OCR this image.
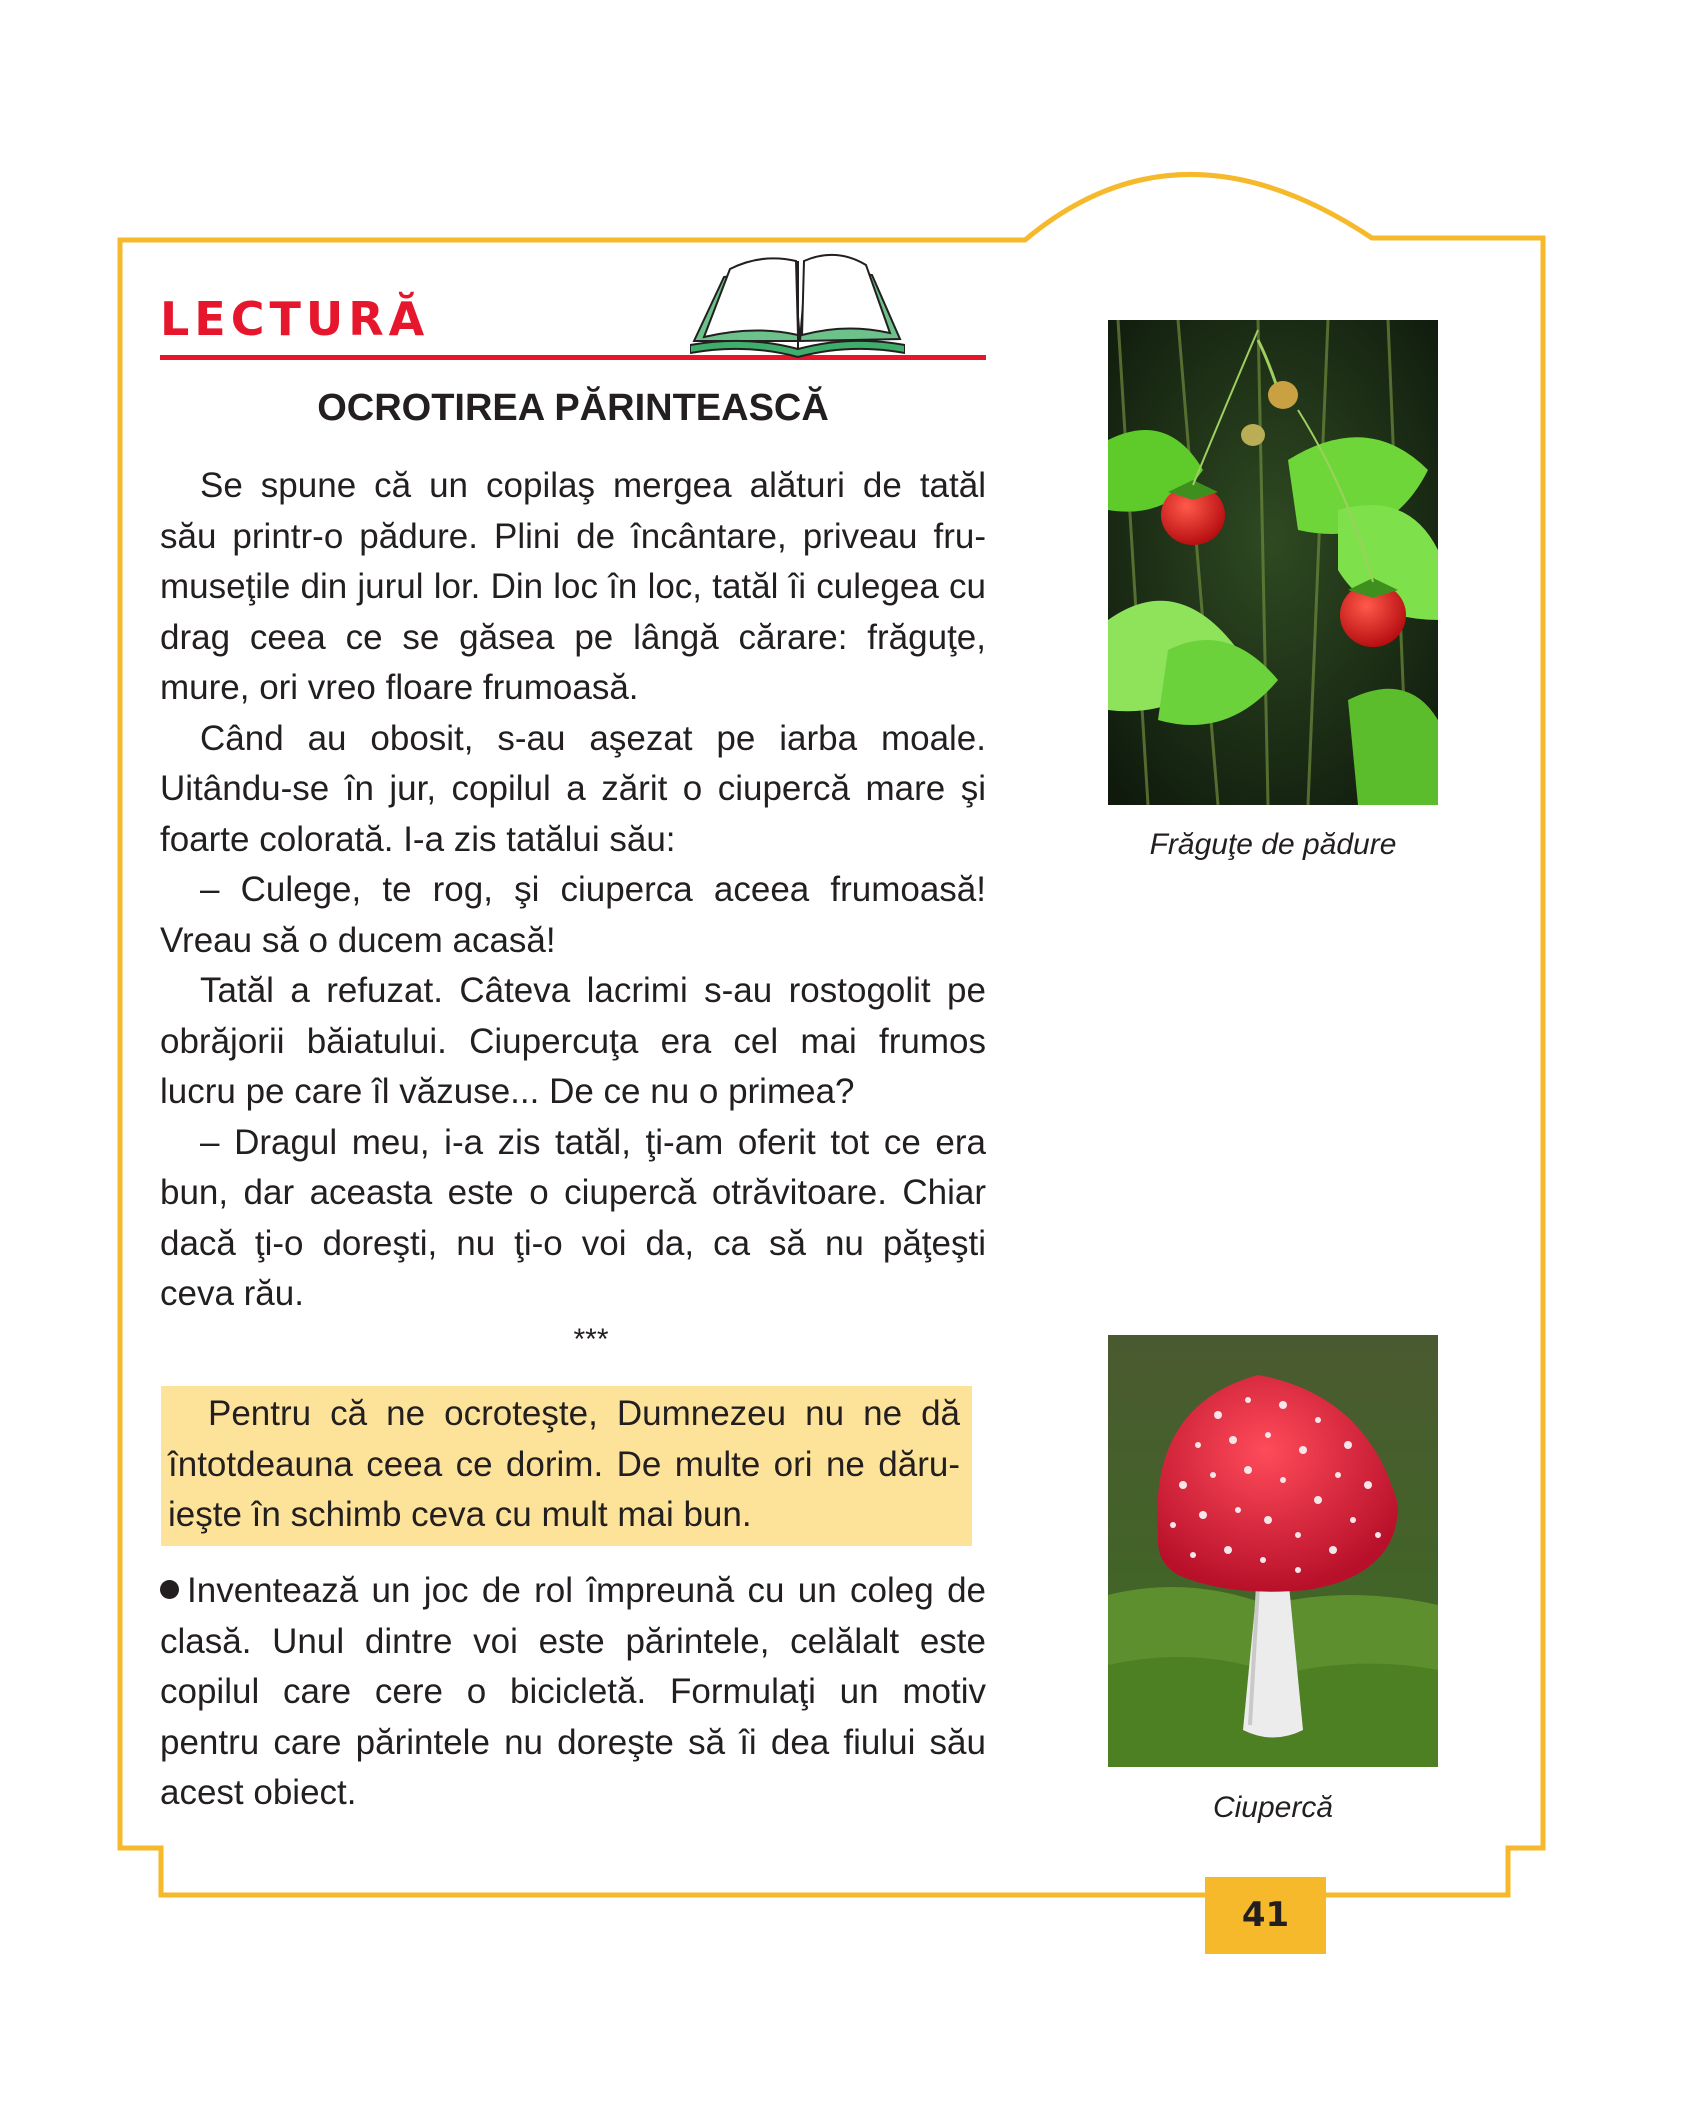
LECTURĂ
OCROTIREA PĂRINTEASCĂ

Se spune că un copilaş mergea alături de tatăl său printr-o pădure. Plini de încântare, priveau fru- museţile din jurul lor. Din loc în loc, tatăl îi culegea cu drag ceea ce se găsea pe lângă cărare: frăguţe,

mure, ori vreo floare frumoasă.

Când au obosit, s-au aşezat pe iarba moale. Uitându-se în jur, copilul a zărit o ciupercă mare şi

foarte colorată. I-a zis tatălui său:

– Culege, te rog, şi ciuperca aceea frumoasă!

Vreau să o ducem acasă!

Tatăl a refuzat. Câteva lacrimi s-au rostogolit pe obrăjorii băiatului. Ciupercuţa era cel mai frumos

lucru pe care îl văzuse... De ce nu o primea?

– Dragul meu, i-a zis tatăl, ţi-am oferit tot ce era bun, dar aceasta este o ciupercă otrăvitoare. Chiar

dacă ţi-o doreşti, nu ţi-o voi da, ca să nu păţeşti

ceva rău.

***

Pentru că ne ocroteşte, Dumnezeu nu ne dă întotdeauna ceea ce dorim. De multe ori ne dăru-

ieşte în schimb ceva cu mult mai bun.

Inventează un joc de rol împreună cu un coleg de clasă. Unul dintre voi este părintele, celălalt este copilul care cere o bicicletă. Formulaţi un motiv pentru care părintele nu doreşte să îi dea fiului său

acest obiect.

Frăguţe de pădure
Ciupercă
41
